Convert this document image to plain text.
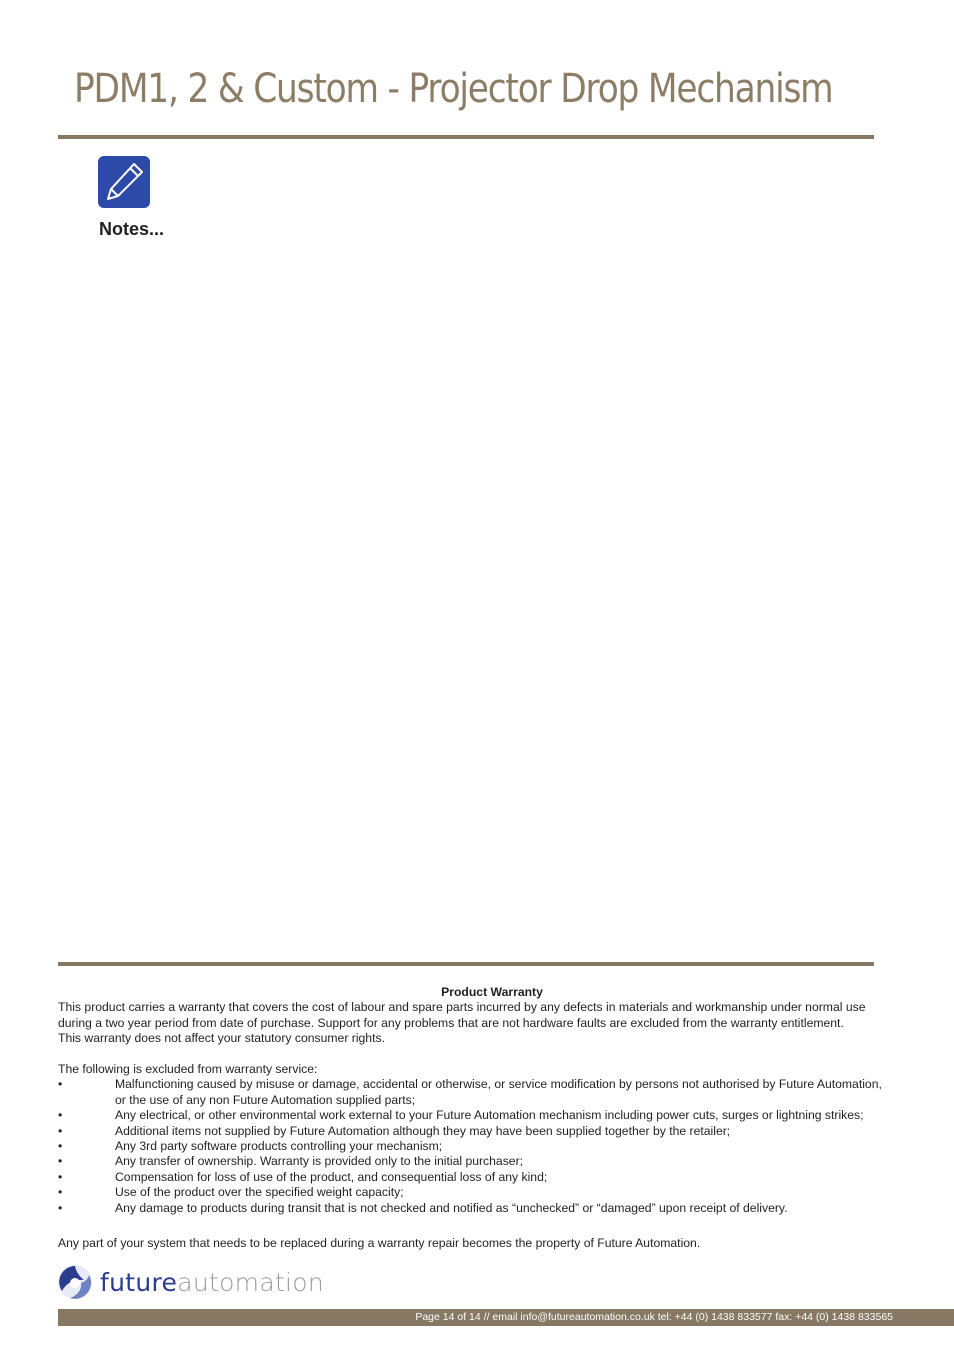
PDM1, 2 & Custom - Projector Drop Mechanism
Notes...

Product Warranty

This product carries a warranty that covers the cost of labour and spare parts incurred by any defects in materials and workmanship under normal use

during a two year period from date of purchase. Support for any problems that are not hardware faults are excluded from the warranty entitlement.

This warranty does not affect your statutory consumer rights.

The following is excluded from warranty service:

• Malfunctioning caused by misuse or damage, accidental or otherwise, or service modification by persons not authorised by Future Automation,
or the use of any non Future Automation supplied parts;
• Any electrical, or other environmental work external to your Future Automation mechanism including power cuts, surges or lightning strikes;
• Additional items not supplied by Future Automation although they may have been supplied together by the retailer;
• Any 3rd party software products controlling your mechanism;
• Any transfer of ownership. Warranty is provided only to the initial purchaser;
• Compensation for loss of use of the product, and consequential loss of any kind;
• Use of the product over the specified weight capacity;
• Any damage to products during transit that is not checked and notified as “unchecked” or “damaged” upon receipt of delivery.

Any part of your system that needs to be replaced during a warranty repair becomes the property of Future Automation.

futureautomation
Page 14 of 14 // email info@futureautomation.co.uk tel: +44 (0) 1438 833577 fax: +44 (0) 1438 833565
